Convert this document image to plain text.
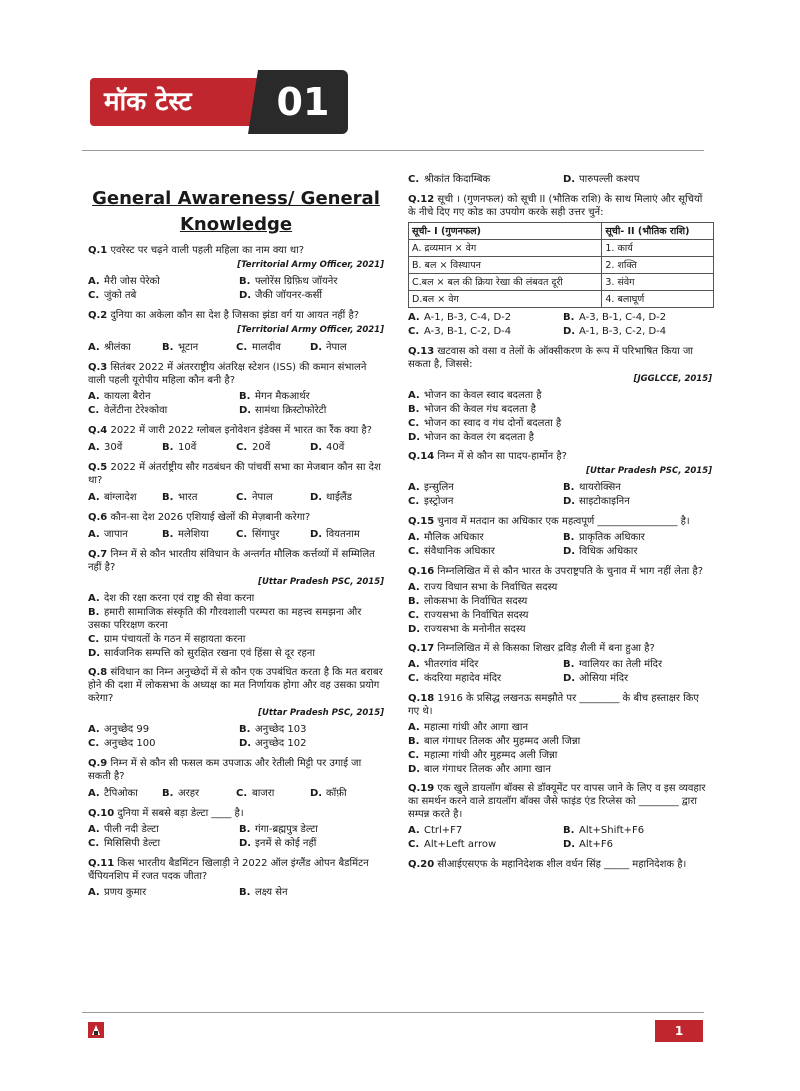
मॉक टेस्ट	01
General Awareness/ General Knowledge
Q.1 एवरेस्ट पर चढ़ने वाली पहली महिला का नाम क्या था?
[Territorial Army Officer, 2021]
A. मैरी जोस पेरेको	B. फ्लोरेंस ग्रिफ़िथ जॉयनेर
C. जुंको तबे	D. जैकी जॉयनर-कर्सी
Q.2 दुनिया का अकेला कौन सा देश है जिसका झंडा वर्ग या आयत नहीं है?
[Territorial Army Officer, 2021]
A. श्रीलंका	B. भूटान	C. मालदीव	D. नेपाल
Q.3 सितंबर 2022 में अंतरराष्ट्रीय अंतरिक्ष स्टेशन (ISS) की कमान संभालने वाली पहली यूरोपीय महिला कौन बनी है?
A. कायला बैरोन	B. मेगन मैकआर्थर
C. वेलेंटीना टेरेश्कोवा	D. सामंथा क्रिस्टोफोरेटी
Q.4 2022 में जारी 2022 ग्लोबल इनोवेशन इंडेक्स में भारत का रैंक क्या है?
A. 30वें	B. 10वें	C. 20वें	D. 40वें
Q.5 2022 में अंतर्राष्ट्रीय सौर गठबंधन की पांचवीं सभा का मेजबान कौन सा देश था?
A. बांग्लादेश	B. भारत	C. नेपाल	D. थाईलैंड
Q.6 कौन-सा देश 2026 एशियाई खेलों की मेज़बानी करेगा?
A. जापान	B. मलेशिया	C. सिंगापुर	D. वियतनाम
Q.7 निम्न में से कौन भारतीय संविधान के अन्तर्गत मौलिक कर्त्तव्यों में सम्मिलित नहीं है?
[Uttar Pradesh PSC, 2015]
A. देश की रक्षा करना एवं राष्ट्र की सेवा करना
B. हमारी सामाजिक संस्कृति की गौरवशाली परम्परा का महत्त्व समझना और उसका परिरक्षण करना
C. ग्राम पंचायतों के गठन में सहायता करना
D. सार्वजनिक सम्पत्ति को सुरक्षित रखना एवं हिंसा से दूर रहना
Q.8 संविधान का निम्न अनुच्छेदों में से कौन एक उपबंधित करता है कि मत बराबर होने की दशा में लोकसभा के अध्यक्ष का मत निर्णायक होगा और वह उसका प्रयोग करेगा?
[Uttar Pradesh PSC, 2015]
A. अनुच्छेद 99	B. अनुच्छेद 103
C. अनुच्छेद 100	D. अनुच्छेद 102
Q.9 निम्न में से कौन सी फसल कम उपजाऊ और रेतीली मिट्टी पर उगाई जा सकती है?
A. टैपिओका	B. अरहर	C. बाजरा	D. कॉफ़ी
Q.10 दुनिया में सबसे बड़ा डेल्टा ____ है।
A. पीली नदी डेल्टा	B. गंगा-ब्रह्मपुत्र डेल्टा
C. मिसिसिपी डेल्टा	D. इनमें से कोई नहीं
Q.11 किस भारतीय बैडमिंटन खिलाड़ी ने 2022 ऑल इंग्लैंड ओपन बैडमिंटन चैंपियनशिप में रजत पदक जीता?
A. प्रणय कुमार	B. लक्ष्य सेन
C. श्रीकांत किदाम्बिक	D. पारुपल्ली कश्यप
Q.12 सूची । (गुणनफल) को सूची II (भौतिक राशि) के साथ मिलाएं और सूचियों के नीचे दिए गए कोड का उपयोग करके सही उत्तर चुनें:
सूची- I (गुणनफल)	सूची- II (भौतिक राशि)
A. द्रव्यमान × वेग	1. कार्य
B. बल × विस्थापन	2. शक्ति
C.बल × बल की क्रिया रेखा की लंबवत दूरी	3. संवेग
D.बल × वेग	4. बलाघूर्ण
A. A-1, B-3, C-4, D-2	B. A-3, B-1, C-4, D-2
C. A-3, B-1, C-2, D-4	D. A-1, B-3, C-2, D-4
Q.13 खटवास को वसा व तेलों के ऑक्सीकरण के रूप में परिभाषित किया जा सकता है, जिससे:
[JGGLCCE, 2015]
A. भोजन का केवल स्वाद बदलता है
B. भोजन की केवल गंध बदलता है
C. भोजन का स्वाद व गंध दोनों बदलता है
D. भोजन का केवल रंग बदलता है
Q.14 निम्न में से कौन सा पादप-हार्मोन है?
[Uttar Pradesh PSC, 2015]
A. इन्सुलिन	B. थायरोक्सिन
C. इस्ट्रोजन	D. साइटोकाइनिन
Q.15 चुनाव में मतदान का अधिकार एक महत्वपूर्ण ________________ है।
A. मौलिक अधिकार	B. प्राकृतिक अधिकार
C. संवैधानिक अधिकार	D. विधिक अधिकार
Q.16 निम्नलिखित में से कौन भारत के उपराष्ट्रपति के चुनाव में भाग नहीं लेता है?
A. राज्य विधान सभा के निर्वाचित सदस्य
B. लोकसभा के निर्वाचित सदस्य
C. राज्यसभा के निर्वाचित सदस्य
D. राज्यसभा के मनोनीत सदस्य
Q.17 निम्नलिखित में से किसका शिखर द्रविड़ शैली में बना हुआ है?
A. भीतरगांव मंदिर	B. ग्वालियर का तेली मंदिर
C. कंदरिया महादेव मंदिर	D. ओसिया मंदिर
Q.18 1916 के प्रसिद्ध लखनऊ समझौते पर ________ के बीच हस्ताक्षर किए गए थे।
A. महात्मा गांधी और आगा खान
B. बाल गंगाधर तिलक और मुहम्मद अली जिन्ना
C. महात्मा गांधी और मुहम्मद अली जिन्ना
D. बाल गंगाधर तिलक और आगा खान
Q.19 एक खुले डायलॉग बॉक्स से डॉक्यूमेंट पर वापस जाने के लिए व इस व्यवहार का समर्थन करने वाले डायलॉग बॉक्स जैसे फाइंड एंड रिप्लेस को ________ द्वारा सम्पन्न करते है।
A. Ctrl+F7	B. Alt+Shift+F6
C. Alt+Left arrow	D. Alt+F6
Q.20 सीआईएसएफ के महानिदेशक शील वर्धन सिंह _____ महानिदेशक है।
1
